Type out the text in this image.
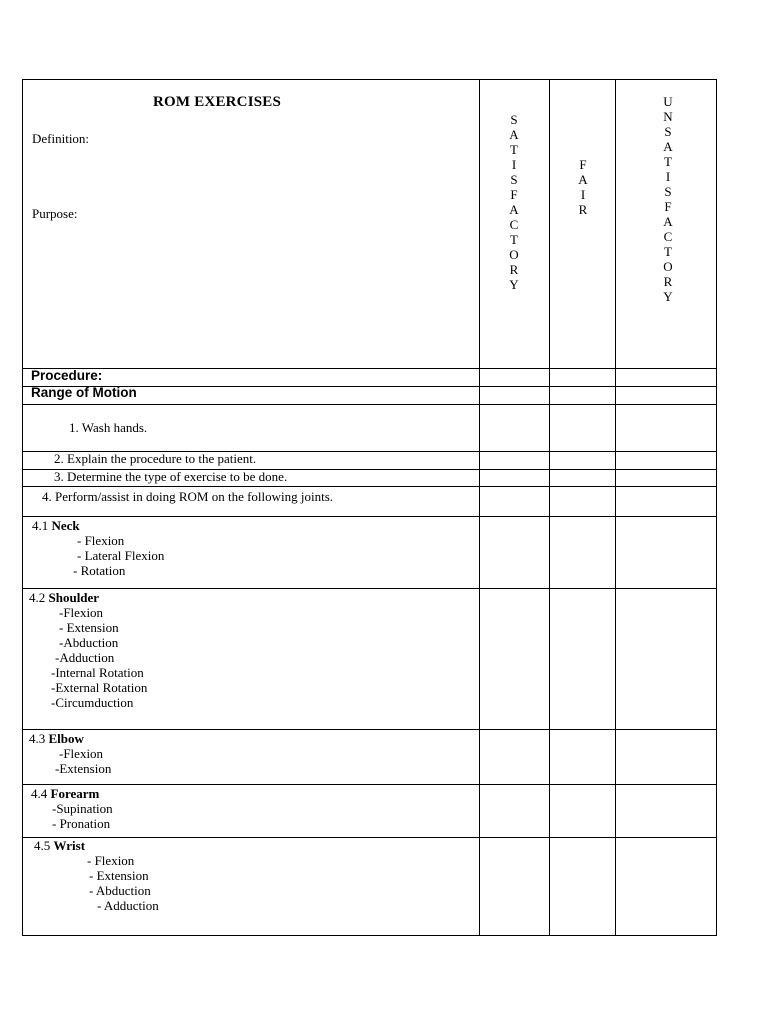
ROM EXERCISES
Definition:
Purpose:
S
A
T
I
S
F
A
C
T
O
R
Y
F
A
I
R
U
N
S
A
T
I
S
F
A
C
T
O
R
Y
Procedure:
Range of Motion
1. Wash hands.
2. Explain the procedure to the patient.
3. Determine the type of exercise to be done.
4. Perform/assist in doing ROM on the following joints.
4.1 Neck
- Flexion
- Lateral Flexion
- Rotation
4.2 Shoulder
-Flexion
- Extension
-Abduction
-Adduction
-Internal Rotation
-External Rotation
-Circumduction
4.3 Elbow
-Flexion
-Extension
4.4 Forearm
-Supination
- Pronation
4.5 Wrist
- Flexion
- Extension
- Abduction
- Adduction
